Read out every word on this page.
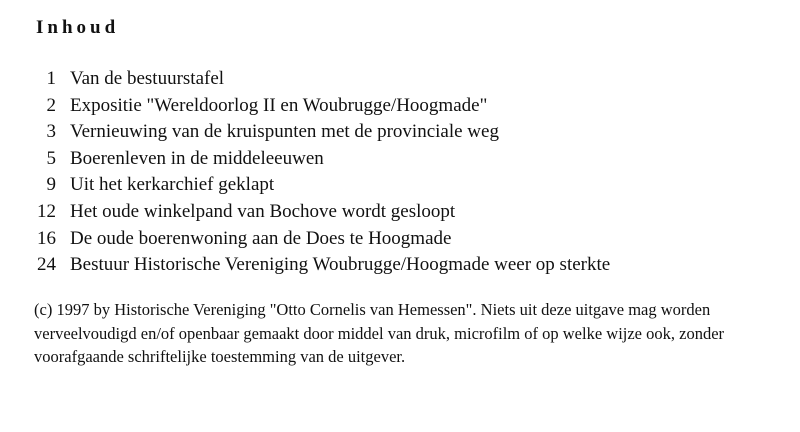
Inhoud
1 Van de bestuurstafel
2 Expositie "Wereldoorlog II en Woubrugge/Hoogmade"
3 Vernieuwing van de kruispunten met de provinciale weg
5 Boerenleven in de middeleeuwen
9 Uit het kerkarchief geklapt
12 Het oude winkelpand van Bochove wordt gesloopt
16 De oude boerenwoning aan de Does te Hoogmade
24 Bestuur Historische Vereniging Woubrugge/Hoogmade weer op sterkte

(c) 1997 by Historische Vereniging "Otto Cornelis van Hemessen". Niets uit deze uitgave mag worden verveelvoudigd en/of openbaar gemaakt door middel van druk, microfilm of op welke wijze ook, zonder voorafgaande schriftelijke toestemming van de uitgever.
